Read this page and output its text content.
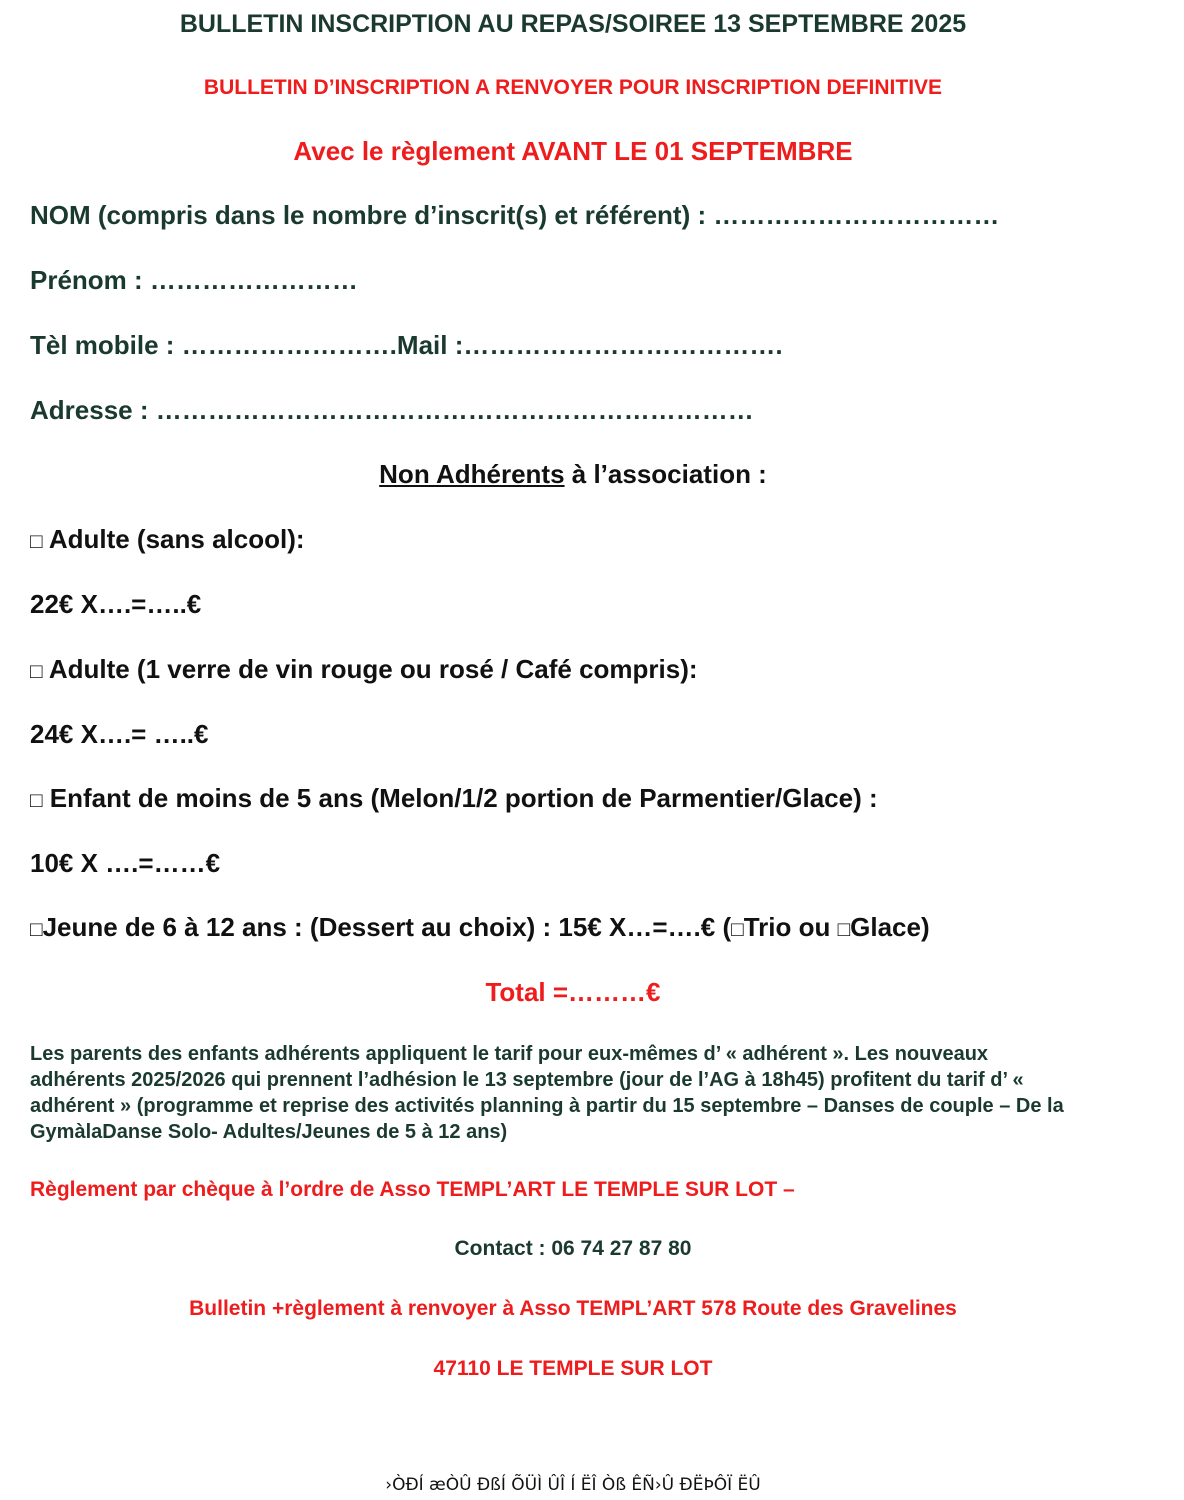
BULLETIN INSCRIPTION AU REPAS/SOIREE 13 SEPTEMBRE 2025
BULLETIN D’INSCRIPTION A RENVOYER POUR INSCRIPTION DEFINITIVE
Avec le règlement AVANT LE 01 SEPTEMBRE
NOM (compris dans le nombre d’inscrit(s) et référent) : ……………………………
Prénom : ……………………
Tèl mobile : …………………….Mail :……………………………….
Adresse : ……………………………………………………………
Non Adhérents à l’association :
□ Adulte (sans alcool):
22€ X….=…..€
□ Adulte (1 verre de vin rouge ou rosé / Café compris):
24€ X….= …..€
□ Enfant de moins de 5 ans (Melon/1/2 portion de Parmentier/Glace) :
10€ X ….=……€
□Jeune de 6 à 12 ans : (Dessert au choix) : 15€ X…=….€ (□Trio ou □Glace)
Total =………€
Les parents des enfants adhérents appliquent le tarif pour eux-mêmes d’ « adhérent ». Les nouveaux adhérents 2025/2026 qui prennent l’adhésion le 13 septembre (jour de l’AG à 18h45) profitent du tarif d’ « adhérent » (programme et reprise des activités planning à partir du 15 septembre – Danses de couple – De la GymàlaDanse Solo- Adultes/Jeunes de 5 à 12 ans)
Règlement par chèque à l’ordre de Asso TEMPL’ART LE TEMPLE SUR LOT –
Contact : 06 74 27 87 80
Bulletin +règlement à renvoyer à Asso TEMPL’ART 578 Route des Gravelines
47110 LE TEMPLE SUR LOT
›ÒÐÍ æÒÛ ÐßÍ ÕÜÌ ÛÎ Í ËÎ Òß ÊÑ›Û ÐËÞÔÏ ËÛ
